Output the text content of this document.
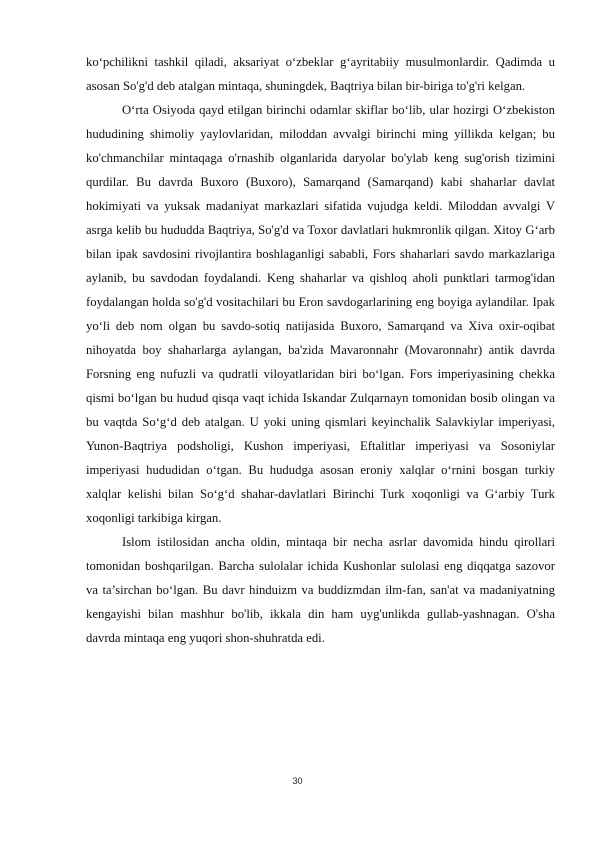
ko‘pchilikni tashkil qiladi, aksariyat o‘zbeklar g‘ayritabiiy musulmonlardir. Qadimda u asosan So'g'd deb atalgan mintaqa, shuningdek, Baqtriya bilan bir-biriga to'g'ri kelgan.

O‘rta Osiyoda qayd etilgan birinchi odamlar skiflar bo‘lib, ular hozirgi O‘zbekiston hududining shimoliy yaylovlaridan, miloddan avvalgi birinchi ming yillikda kelgan; bu ko'chmanchilar mintaqaga o'rnashib olganlarida daryolar bo'ylab keng sug'orish tizimini qurdilar. Bu davrda Buxoro (Buxoro), Samarqand (Samarqand) kabi shaharlar davlat hokimiyati va yuksak madaniyat markazlari sifatida vujudga keldi. Miloddan avvalgi V asrga kelib bu hududda Baqtriya, So'g'd va Toxor davlatlari hukmronlik qilgan. Xitoy G‘arb bilan ipak savdosini rivojlantira boshlaganligi sababli, Fors shaharlari savdo markazlariga aylanib, bu savdodan foydalandi. Keng shaharlar va qishloq aholi punktlari tarmog'idan foydalangan holda so'g'd vositachilari bu Eron savdogarlarining eng boyiga aylandilar. Ipak yo‘li deb nom olgan bu savdo-sotiq natijasida Buxoro, Samarqand va Xiva oxir-oqibat nihoyatda boy shaharlarga aylangan, ba'zida Mavaronnahr (Movaronnahr) antik davrda Forsning eng nufuzli va qudratli viloyatlaridan biri bo‘lgan. Fors imperiyasining chekka qismi bo‘lgan bu hudud qisqa vaqt ichida Iskandar Zulqarnayn tomonidan bosib olingan va bu vaqtda So‘g‘d deb atalgan. U yoki uning qismlari keyinchalik Salavkiylar imperiyasi, Yunon-Baqtriya podsholigi, Kushon imperiyasi, Eftalitlar imperiyasi va Sosoniylar imperiyasi hududidan o‘tgan. Bu hududga asosan eroniy xalqlar o‘rnini bosgan turkiy xalqlar kelishi bilan So‘g‘d shahar-davlatlari Birinchi Turk xoqonligi va G‘arbiy Turk xoqonligi tarkibiga kirgan.

Islom istilosidan ancha oldin, mintaqa bir necha asrlar davomida hindu qirollari tomonidan boshqarilgan. Barcha sulolalar ichida Kushonlar sulolasi eng diqqatga sazovor va ta’sirchan bo‘lgan. Bu davr hinduizm va buddizmdan ilm-fan, san'at va madaniyatning kengayishi bilan mashhur bo'lib, ikkala din ham uyg'unlikda gullab-yashnagan. O'sha davrda mintaqa eng yuqori shon-shuhratda edi.

30
